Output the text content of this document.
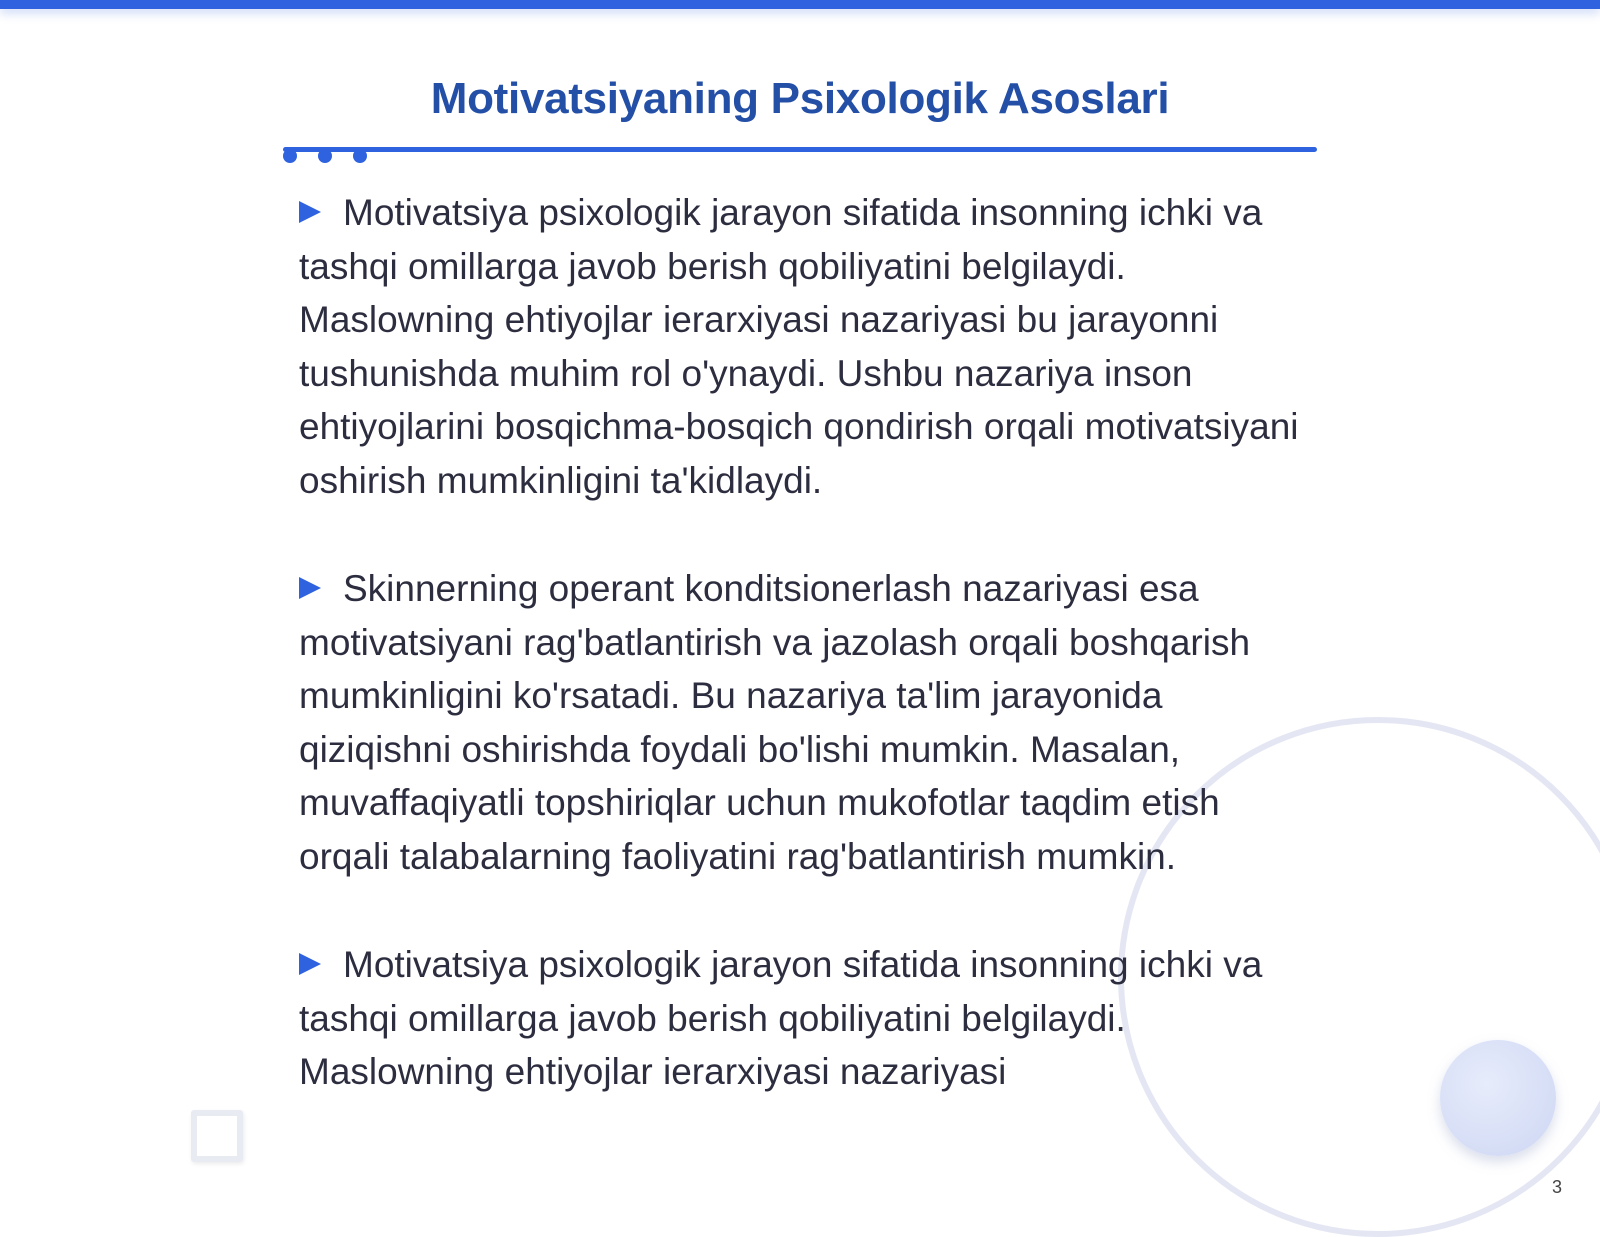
Motivatsiyaning Psixologik Asoslari

Motivatsiya psixologik jarayon sifatida insonning ichki va tashqi omillarga javob berish qobiliyatini belgilaydi. Maslowning ehtiyojlar ierarxiyasi nazariyasi bu jarayonni tushunishda muhim rol o'ynaydi. Ushbu nazariya inson ehtiyojlarini bosqichma-bosqich qondirish orqali motivatsiyani oshirish mumkinligini ta'kidlaydi.

Skinnerning operant konditsionerlash nazariyasi esa motivatsiyani rag'batlantirish va jazolash orqali boshqarish mumkinligini ko'rsatadi. Bu nazariya ta'lim jarayonida qiziqishni oshirishda foydali bo'lishi mumkin. Masalan, muvaffaqiyatli topshiriqlar uchun mukofotlar taqdim etish orqali talabalarning faoliyatini rag'batlantirish mumkin.

Motivatsiya psixologik jarayon sifatida insonning ichki va tashqi omillarga javob berish qobiliyatini belgilaydi. Maslowning ehtiyojlar ierarxiyasi nazariyasi

3
